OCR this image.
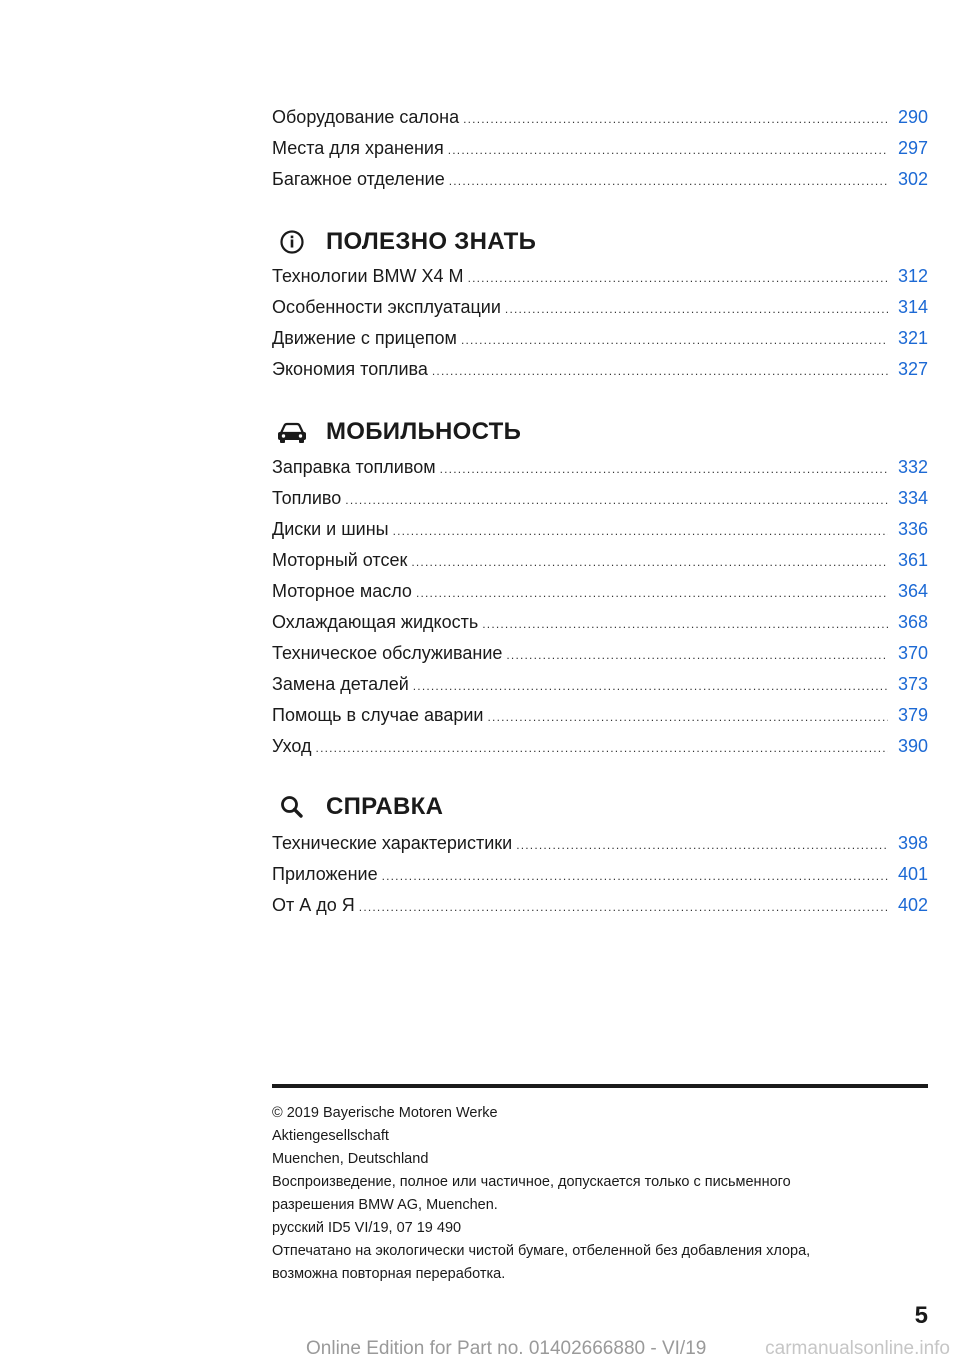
Оборудование салона .....	290
Места для хранения .....	297
Багажное отделение .....	302
ПОЛЕЗНО ЗНАТЬ
Технологии BMW X4 M .....	312
Особенности эксплуатации .....	314
Движение с прицепом .....	321
Экономия топлива .....	327
МОБИЛЬНОСТЬ
Заправка топливом .....	332
Топливо .....	334
Диски и шины .....	336
Моторный отсек .....	361
Моторное масло .....	364
Охлаждающая жидкость .....	368
Техническое обслуживание .....	370
Замена деталей .....	373
Помощь в случае аварии .....	379
Уход .....	390
СПРАВКА
Технические характеристики .....	398
Приложение .....	401
От А до Я .....	402
© 2019 Bayerische Motoren Werke
Aktiengesellschaft
Muenchen, Deutschland
Воспроизведение, полное или частичное, допускается только с письменного
разрешения BMW AG, Muenchen.
русский ID5 VI/19, 07 19 490
Отпечатано на экологически чистой бумаге, отбеленной без добавления хлора,
возможна повторная переработка.
5
Online Edition for Part no. 01402666880 - VI/19	carmanualsonline.info
